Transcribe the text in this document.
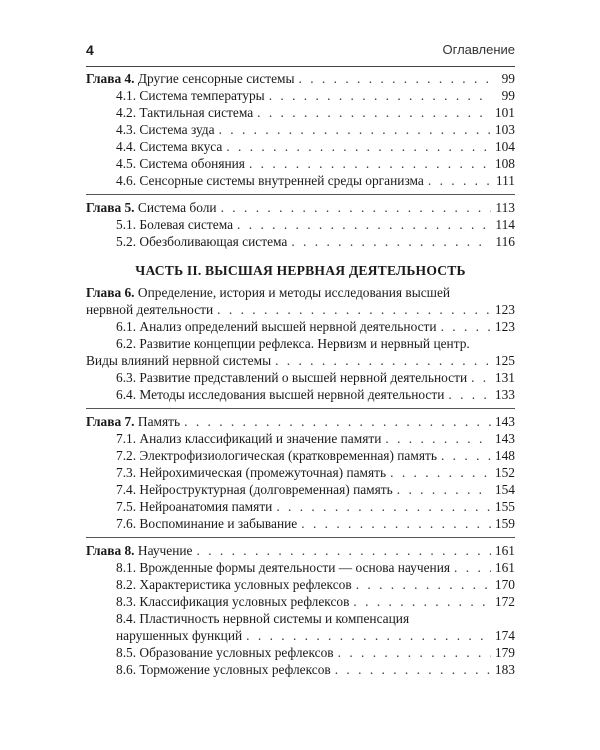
4	Оглавление
Глава 4. Другие сенсорные системы . . .	99
4.1. Система температуры . . .	99
4.2. Тактильная система . . .	101
4.3. Система зуда . . .	103
4.4. Система вкуса . . .	104
4.5. Система обоняния . . .	108
4.6. Сенсорные системы внутренней среды организма . . .	111
Глава 5. Система боли . . .	113
5.1. Болевая система . . .	114
5.2. Обезболивающая система . . .	116
ЧАСТЬ II. ВЫСШАЯ НЕРВНАЯ ДЕЯТЕЛЬНОСТЬ
Глава 6. Определение, история и методы исследования высшей
нервной деятельности . . .	123
6.1. Анализ определений высшей нервной деятельности . . .	123
6.2. Развитие концепции рефлекса. Нервизм и нервный центр.
Виды влияний нервной системы . . .	125
6.3. Развитие представлений о высшей нервной деятельности . . . 131
6.4. Методы исследования высшей нервной деятельности . . .	133
Глава 7. Память . . .	143
7.1. Анализ классификаций и значение памяти . . .	143
7.2. Электрофизиологическая (кратковременная) память . . .	148
7.3. Нейрохимическая (промежуточная) память . . .	152
7.4. Нейроструктурная (долговременная) память . . .	154
7.5. Нейроанатомия памяти . . .	155
7.6. Воспоминание и забывание . . .	159
Глава 8. Научение . . .	161
8.1. Врожденные формы деятельности — основа научения . . .	161
8.2. Характеристика условных рефлексов . . .	170
8.3. Классификация условных рефлексов . . .	172
8.4. Пластичность нервной системы и компенсация
нарушенных функций . . .	174
8.5. Образование условных рефлексов . . .	179
8.6. Торможение условных рефлексов . . .	183
